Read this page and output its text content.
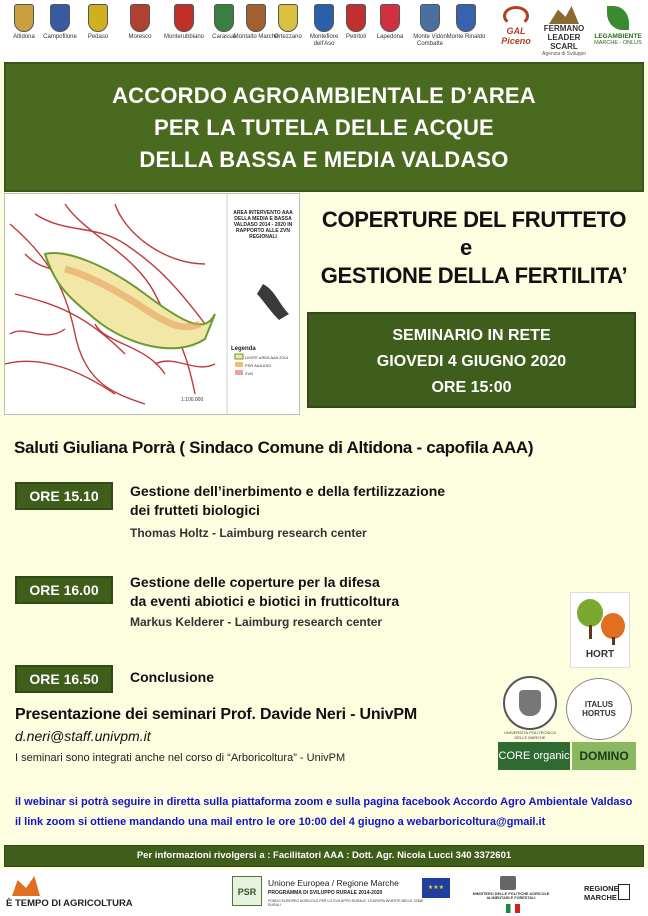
Altidona	Campofilone	Pedaso	Moresco	Monterubbiano	Carassai
Montalto Marche
Ortezzano	Montefiore dell'Aso
Petritoli	Lapedona	Monte Vidon Combatte
Monte Rinaldo
GAL Piceno
FERMANO LEADER SCARL
Agenzia di Sviluppo
LEGAMBIENTE
MARCHE - ONLUS
ACCORDO AGROAMBIENTALE D’AREA
PER LA TUTELA DELLE ACQUE
DELLA BASSA E MEDIA VALDASO
AREA INTERVENTO AAA DELLA MEDIA E BASSA VALDASO 2014 - 2020 IN RAPPORTO ALLE ZVN REGIONALI
Legenda
LIMITE AREA AAA 2014
PSR AAA ASO
ZVN
1:100.000
COPERTURE DEL FRUTTETO
e
GESTIONE DELLA FERTILITA’
SEMINARIO IN RETE
GIOVEDI 4 GIUGNO 2020
ORE 15:00
Saluti Giuliana Porrà ( Sindaco Comune di Altidona - capofila AAA)
ORE 15.10	Gestione dell’inerbimento e della fertilizzazione
dei frutteti biologici
Thomas Holtz - Laimburg research center
ORE 16.00	Gestione delle coperture per la difesa
da eventi abiotici e biotici in frutticoltura
Markus Kelderer - Laimburg research center
ORE 16.50	Conclusione
HORT
UNIVERSITÀ POLITECNICA DELLE MARCHE
ITALUS HORTUS
CORE organic DOMINO
Presentazione dei seminari Prof. Davide Neri - UnivPM
d.neri@staff.univpm.it
I seminari sono integrati anche nel corso di “Arboricoltura” - UnivPM
il webinar si potrà seguire in diretta sulla piattaforma zoom e sulla pagina facebook Accordo Agro Ambientale Valdaso
il link zoom si ottiene mandando una mail entro le ore 10:00 del 4 giugno a webarboricoltura@gmail.it
Per informazioni rivolgersi a : Facilitatori AAA : Dott. Agr. Nicola Lucci 340 3372601
È TEMPO DI AGRICOLTURA
PSR
Unione Europea / Regione Marche
PROGRAMMA DI SVILUPPO RURALE 2014-2020
FONDO EUROPEO AGRICOLO PER LO SVILUPPO RURALE: L'EUROPA INVESTE NELLE ZONE RURALI
★★★
MINISTERO DELLE POLITICHE AGRICOLE ALIMENTARI E FORESTALI
REGIONE MARCHE
